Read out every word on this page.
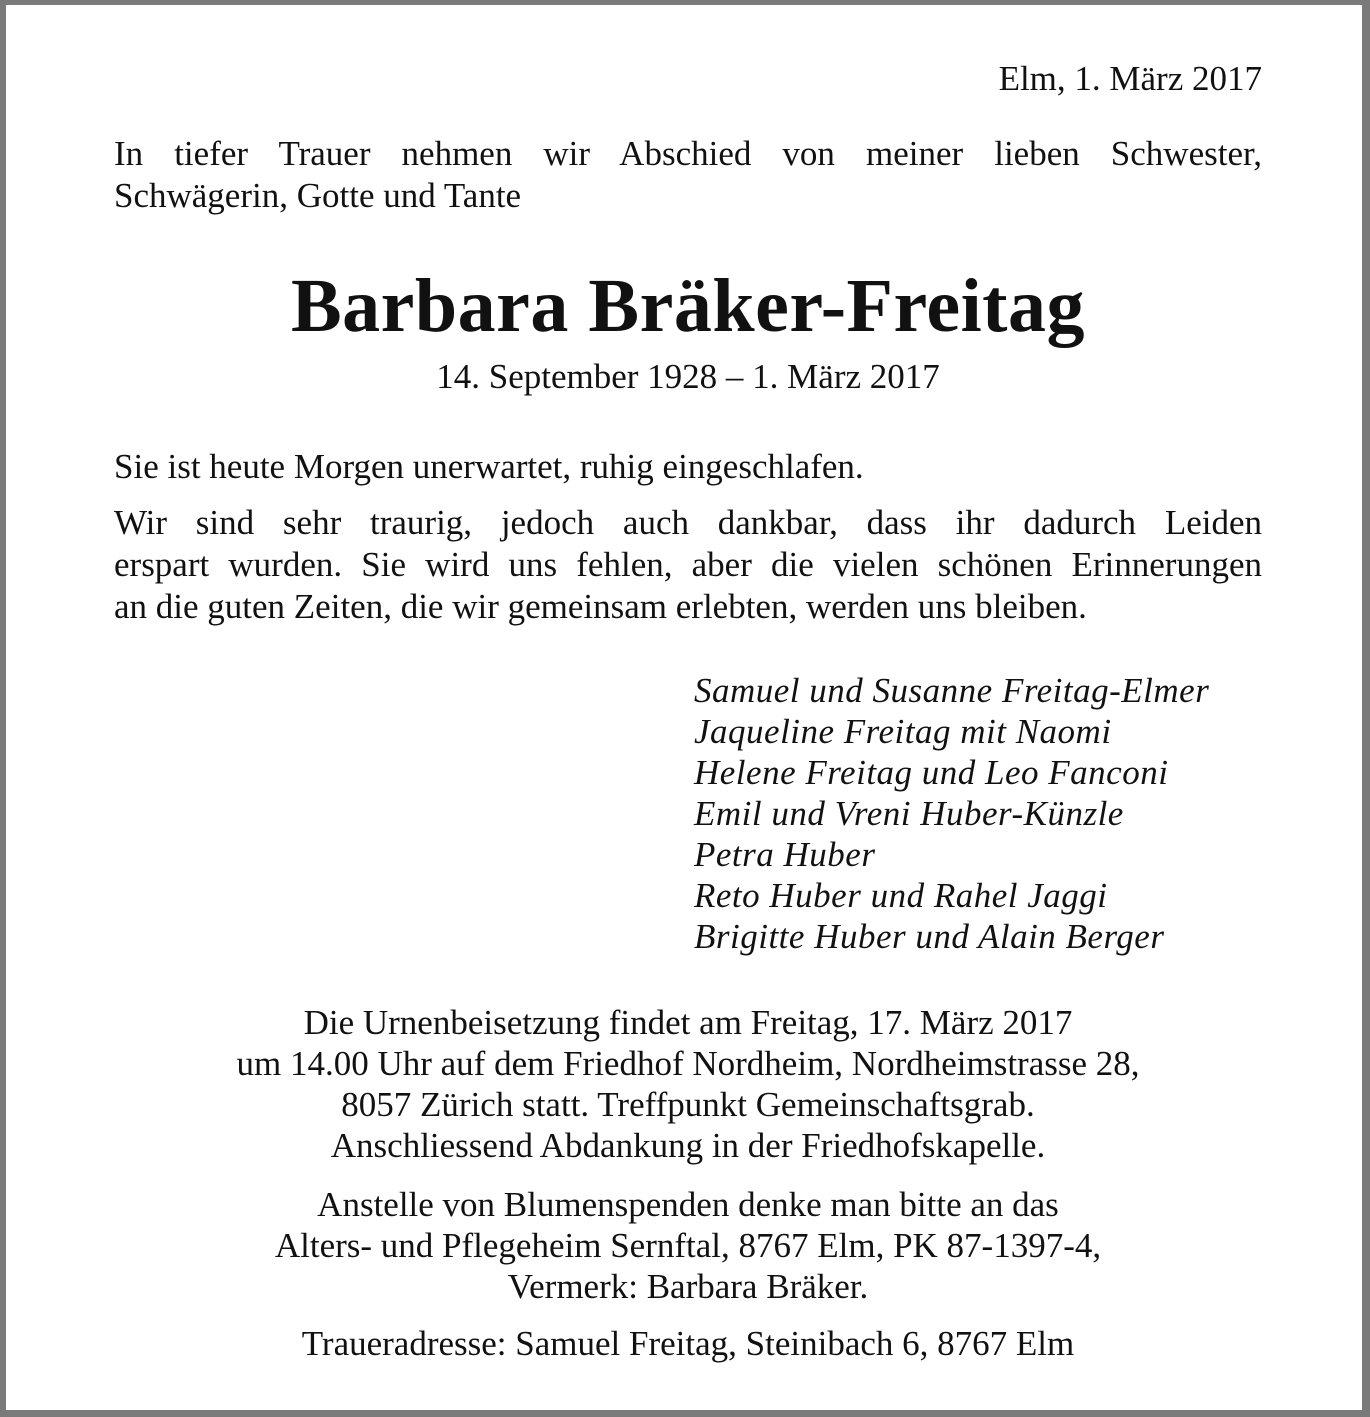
Elm, 1. März 2017
In tiefer Trauer nehmen wir Abschied von meiner lieben Schwester,
Schwägerin, Gotte und Tante
Barbara Bräker-Freitag
14. September 1928 – 1. März 2017
Sie ist heute Morgen unerwartet, ruhig eingeschlafen.
Wir sind sehr traurig, jedoch auch dankbar, dass ihr dadurch Leiden
erspart wurden. Sie wird uns fehlen, aber die vielen schönen Erinnerungen
an die guten Zeiten, die wir gemeinsam erlebten, werden uns bleiben.
Samuel und Susanne Freitag-Elmer
Jaqueline Freitag mit Naomi
Helene Freitag und Leo Fanconi
Emil und Vreni Huber-Künzle
Petra Huber
Reto Huber und Rahel Jaggi
Brigitte Huber und Alain Berger
Die Urnenbeisetzung findet am Freitag, 17. März 2017
um 14.00 Uhr auf dem Friedhof Nordheim, Nordheimstrasse 28,
8057 Zürich statt. Treffpunkt Gemeinschaftsgrab.
Anschliessend Abdankung in der Friedhofskapelle.
Anstelle von Blumenspenden denke man bitte an das
Alters- und Pflegeheim Sernftal, 8767 Elm, PK 87-1397-4,
Vermerk: Barbara Bräker.
Traueradresse: Samuel Freitag, Steinibach 6, 8767 Elm
